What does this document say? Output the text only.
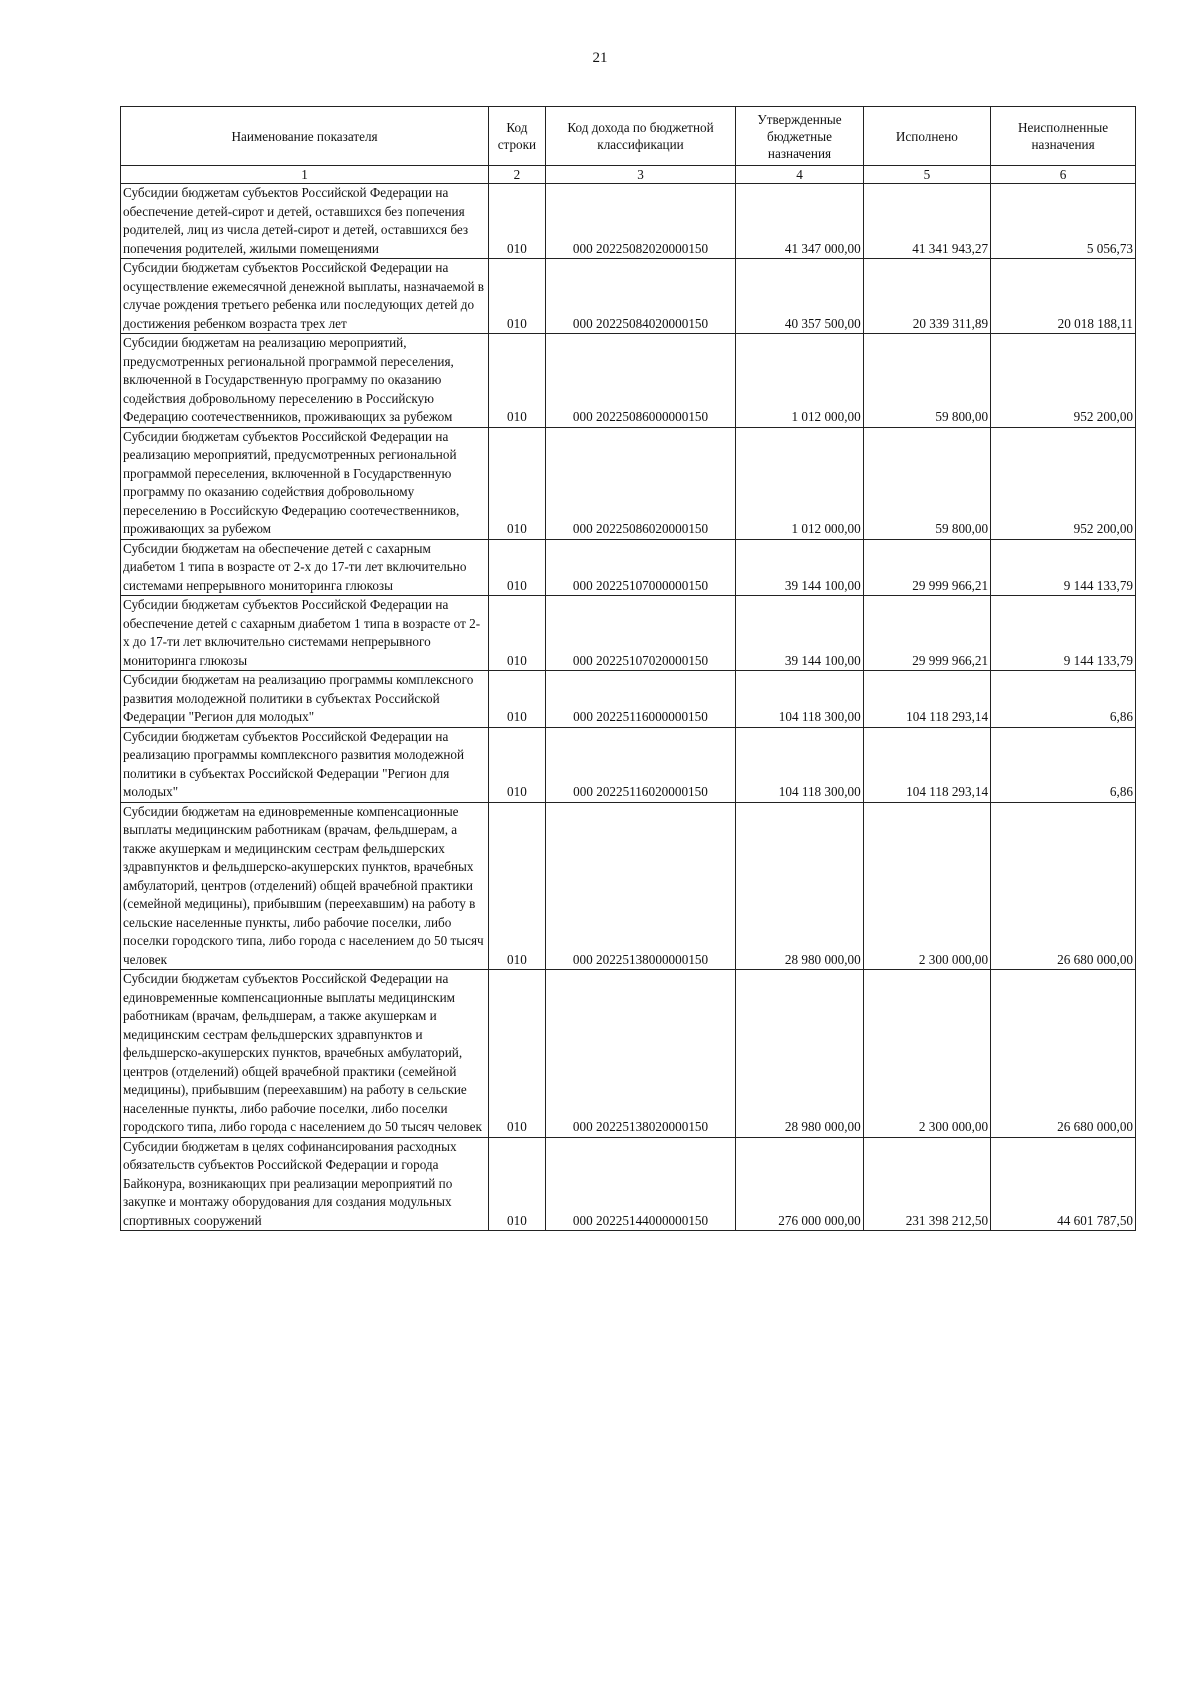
21
Наименование показателя	Код строки	Код дохода по бюджетной классификации	Утвержденные бюджетные назначения	Исполнено	Неисполненные назначения
1	2	3	4	5	6
Субсидии бюджетам субъектов Российской Федерации на обеспечение детей-сирот и детей, оставшихся без попечения родителей, лиц из числа детей-сирот и детей, оставшихся без попечения родителей, жилыми помещениями	010	000 20225082020000150	41 347 000,00	41 341 943,27	5 056,73
Субсидии бюджетам субъектов Российской Федерации на осуществление ежемесячной денежной выплаты, назначаемой в случае рождения третьего ребенка или последующих детей до достижения ребенком возраста трех лет	010	000 20225084020000150	40 357 500,00	20 339 311,89	20 018 188,11
Субсидии бюджетам на реализацию мероприятий, предусмотренных региональной программой переселения, включенной в Государственную программу по оказанию содействия добровольному переселению в Российскую Федерацию соотечественников, проживающих за рубежом	010	000 20225086000000150	1 012 000,00	59 800,00	952 200,00
Субсидии бюджетам субъектов Российской Федерации на реализацию мероприятий, предусмотренных региональной программой переселения, включенной в Государственную программу по оказанию содействия добровольному переселению в Российскую Федерацию соотечественников, проживающих за рубежом	010	000 20225086020000150	1 012 000,00	59 800,00	952 200,00
Субсидии бюджетам на обеспечение детей с сахарным диабетом 1 типа в возрасте от 2-х до 17-ти лет включительно системами непрерывного мониторинга глюкозы	010	000 20225107000000150	39 144 100,00	29 999 966,21	9 144 133,79
Субсидии бюджетам субъектов Российской Федерации на обеспечение детей с сахарным диабетом 1 типа в возрасте от 2-х до 17-ти лет включительно системами непрерывного мониторинга глюкозы	010	000 20225107020000150	39 144 100,00	29 999 966,21	9 144 133,79
Субсидии бюджетам на реализацию программы комплексного развития молодежной политики в субъектах Российской Федерации "Регион для молодых"	010	000 20225116000000150	104 118 300,00	104 118 293,14	6,86
Субсидии бюджетам субъектов Российской Федерации на реализацию программы комплексного развития молодежной политики в субъектах Российской Федерации "Регион для молодых"	010	000 20225116020000150	104 118 300,00	104 118 293,14	6,86
Субсидии бюджетам на единовременные компенсационные выплаты медицинским работникам (врачам, фельдшерам, а также акушеркам и медицинским сестрам фельдшерских здравпунктов и фельдшерско-акушерских пунктов, врачебных амбулаторий, центров (отделений) общей врачебной практики (семейной медицины), прибывшим (переехавшим) на работу в сельские населенные пункты, либо рабочие поселки, либо поселки городского типа, либо города с населением до 50 тысяч человек	010	000 20225138000000150	28 980 000,00	2 300 000,00	26 680 000,00
Субсидии бюджетам субъектов Российской Федерации на единовременные компенсационные выплаты медицинским работникам (врачам, фельдшерам, а также акушеркам и медицинским сестрам фельдшерских здравпунктов и фельдшерско-акушерских пунктов, врачебных амбулаторий, центров (отделений) общей врачебной практики (семейной медицины), прибывшим (переехавшим) на работу в сельские населенные пункты, либо рабочие поселки, либо поселки городского типа, либо города с населением до 50 тысяч человек	010	000 20225138020000150	28 980 000,00	2 300 000,00	26 680 000,00
Субсидии бюджетам в целях софинансирования расходных обязательств субъектов Российской Федерации и города Байконура, возникающих при реализации мероприятий по закупке и монтажу оборудования для создания модульных спортивных сооружений	010	000 20225144000000150	276 000 000,00	231 398 212,50	44 601 787,50
